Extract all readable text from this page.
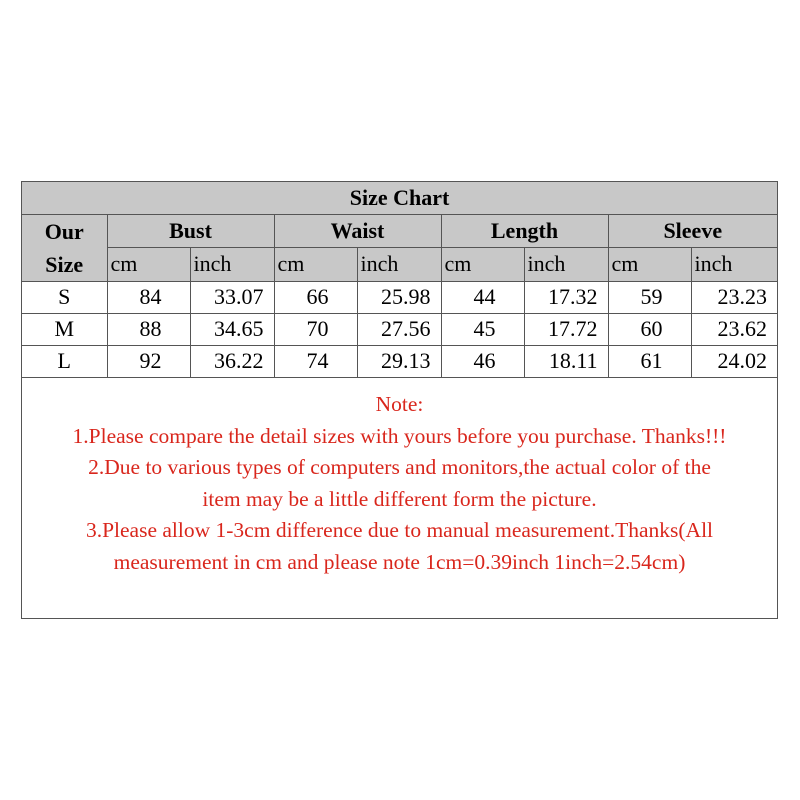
Size Chart								
Our
Size	Bust		Waist		Length		Sleeve	
	cm	inch	cm	inch	cm	inch	cm	inch
S	84	33.07	66	25.98	44	17.32	59	23.23
M	88	34.65	70	27.56	45	17.72	60	23.62
L	92	36.22	74	29.13	46	18.11	61	24.02
Note:
1.Please compare the detail sizes with yours before you purchase. Thanks!!!
2.Due to various types of computers and monitors,the actual color of the
item may be a little different form the picture.
3.Please allow 1-3cm difference due to manual measurement.Thanks(All
measurement in cm and please note 1cm=0.39inch 1inch=2.54cm)
